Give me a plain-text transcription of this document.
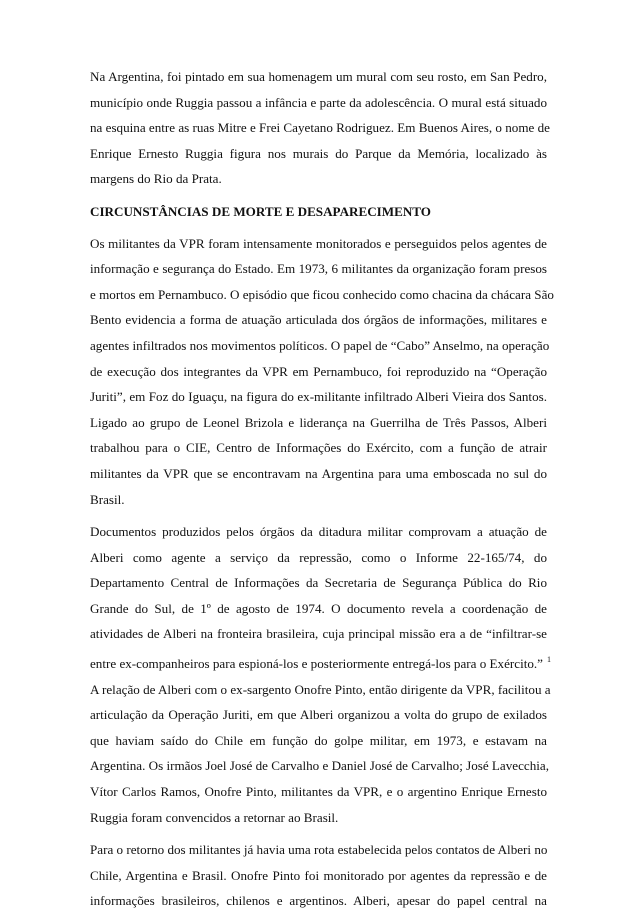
Na Argentina, foi pintado em sua homenagem um mural com seu rosto, em San Pedro,
município onde Ruggia passou a infância e parte da adolescência. O mural está situado
na esquina entre as ruas Mitre e Frei Cayetano Rodriguez. Em Buenos Aires, o nome de
Enrique Ernesto Ruggia figura nos murais do Parque da Memória, localizado às
margens do Rio da Prata.
CIRCUNSTÂNCIAS DE MORTE E DESAPARECIMENTO
Os militantes da VPR foram intensamente monitorados e perseguidos pelos agentes de
informação e segurança do Estado. Em 1973, 6 militantes da organização foram presos
e mortos em Pernambuco. O episódio que ficou conhecido como chacina da chácara São
Bento evidencia a forma de atuação articulada dos órgãos de informações, militares e
agentes infiltrados nos movimentos políticos. O papel de “Cabo” Anselmo, na operação
de execução dos integrantes da VPR em Pernambuco, foi reproduzido na “Operação
Juriti”, em Foz do Iguaçu, na figura do ex-militante infiltrado Alberi Vieira dos Santos.
Ligado ao grupo de Leonel Brizola e liderança na Guerrilha de Três Passos, Alberi
trabalhou para o CIE, Centro de Informações do Exército, com a função de atrair
militantes da VPR que se encontravam na Argentina para uma emboscada no sul do
Brasil.
Documentos produzidos pelos órgãos da ditadura militar comprovam a atuação de
Alberi como agente a serviço da repressão, como o Informe 22-165/74, do
Departamento Central de Informações da Secretaria de Segurança Pública do Rio
Grande do Sul, de 1º de agosto de 1974. O documento revela a coordenação de
atividades de Alberi na fronteira brasileira, cuja principal missão era a de “infiltrar-se
entre ex-companheiros para espioná-los e posteriormente entregá-los para o Exército.” $^1$
A relação de Alberi com o ex-sargento Onofre Pinto, então dirigente da VPR, facilitou a
articulação da Operação Juriti, em que Alberi organizou a volta do grupo de exilados
que haviam saído do Chile em função do golpe militar, em 1973, e estavam na
Argentina. Os irmãos Joel José de Carvalho e Daniel José de Carvalho; José Lavecchia,
Vítor Carlos Ramos, Onofre Pinto, militantes da VPR, e o argentino Enrique Ernesto
Ruggia foram convencidos a retornar ao Brasil.
Para o retorno dos militantes já havia uma rota estabelecida pelos contatos de Alberi no
Chile, Argentina e Brasil. Onofre Pinto foi monitorado por agentes da repressão e de
informações brasileiros, chilenos e argentinos. Alberi, apesar do papel central na
